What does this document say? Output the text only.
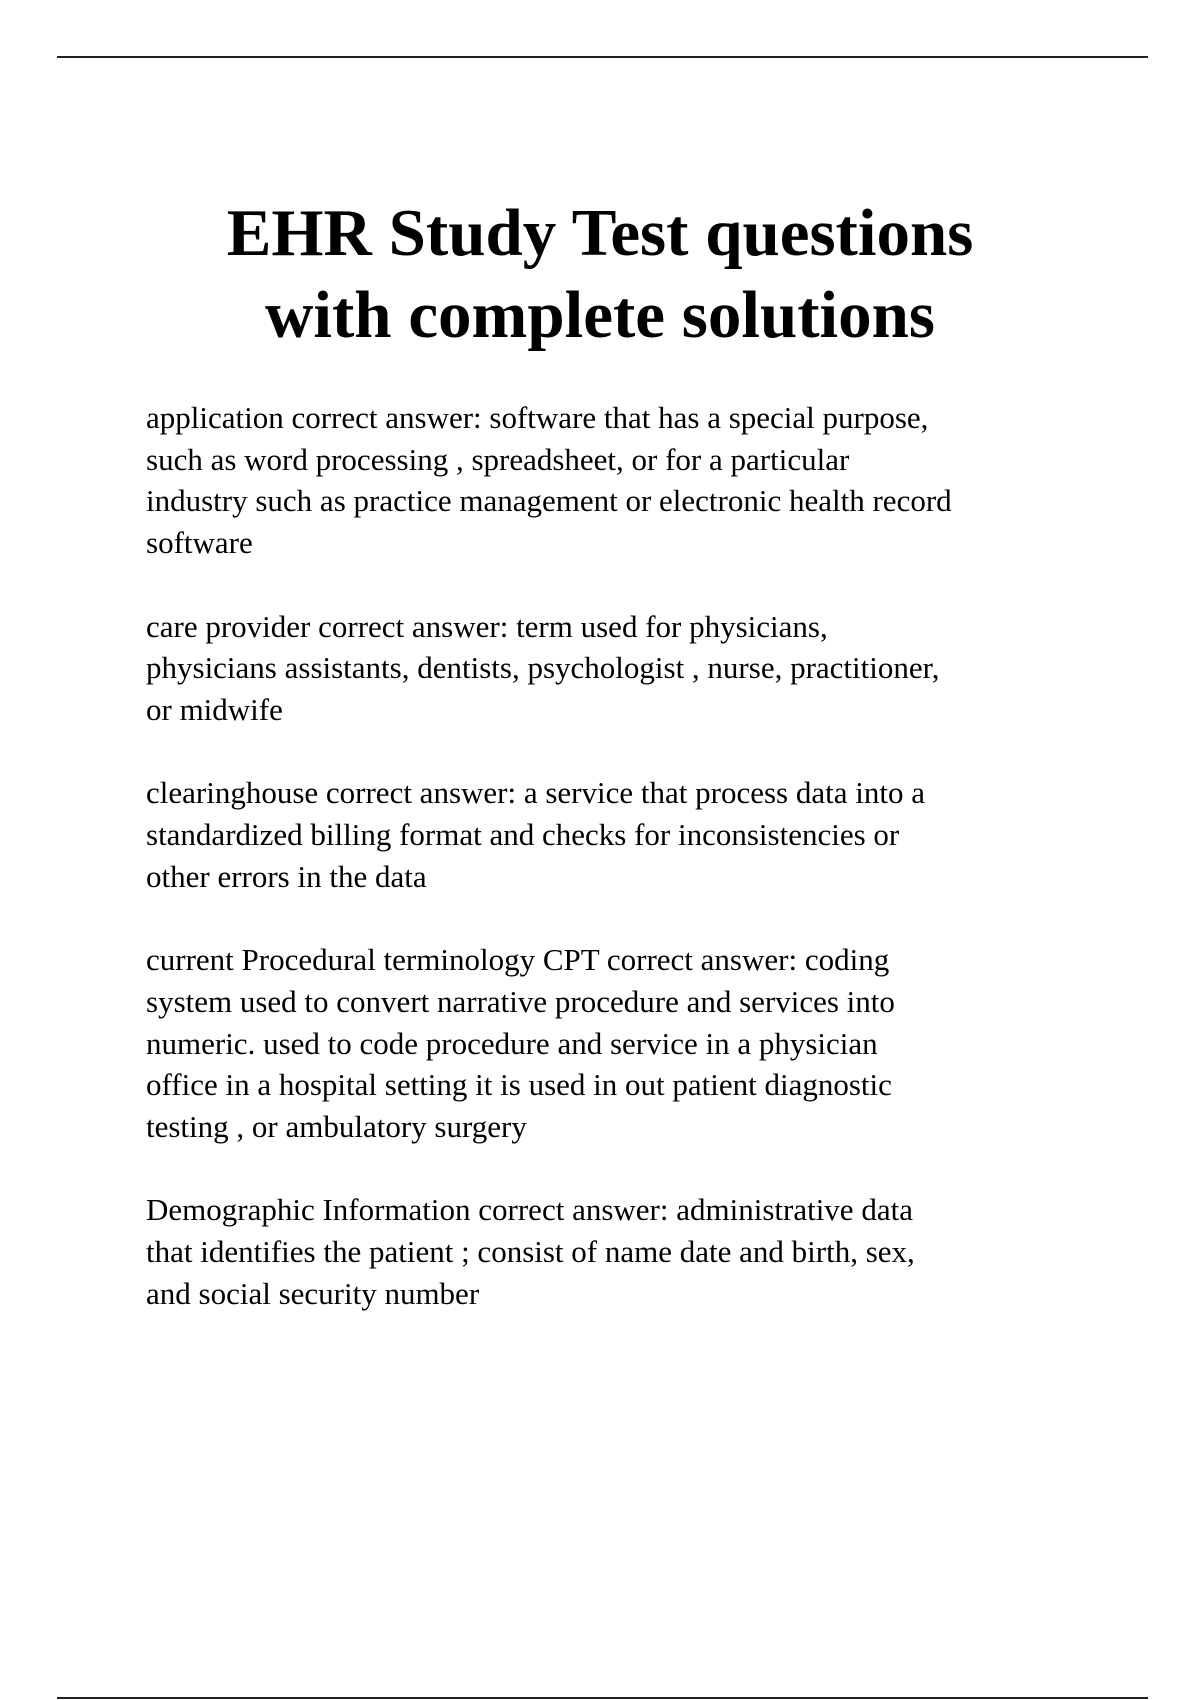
EHR Study Test questions
with complete solutions

application correct answer: software that has a special purpose,
such as word processing , spreadsheet, or for a particular
industry such as practice management or electronic health record
software

care provider correct answer: term used for physicians,
physicians assistants, dentists, psychologist , nurse, practitioner,
or midwife

clearinghouse correct answer: a service that process data into a
standardized billing format and checks for inconsistencies or
other errors in the data

current Procedural terminology CPT correct answer: coding
system used to convert narrative procedure and services into
numeric. used to code procedure and service in a physician
office in a hospital setting it is used in out patient diagnostic
testing , or ambulatory surgery

Demographic Information correct answer: administrative data
that identifies the patient ; consist of name date and birth, sex,
and social security number
